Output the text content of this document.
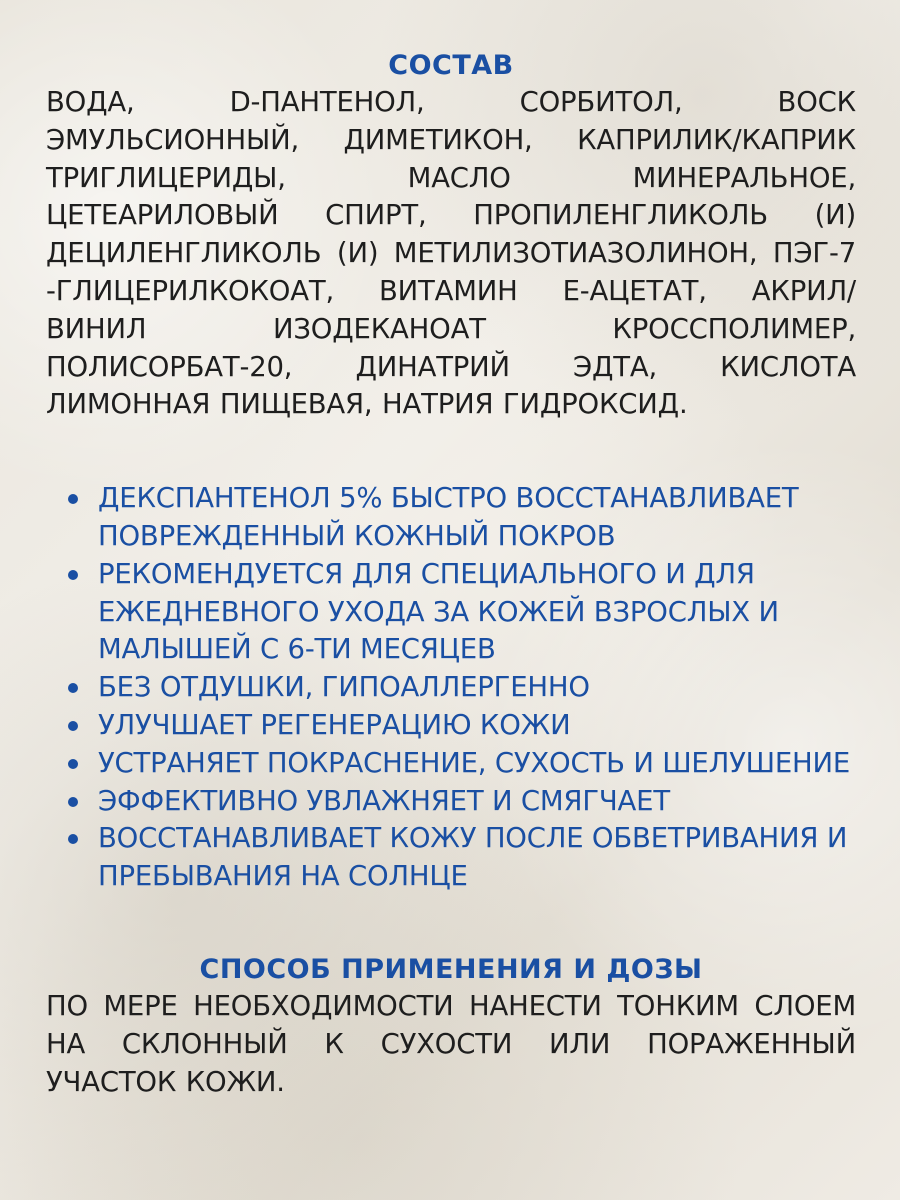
СОСТАВ

ВОДА, D-ПАНТЕНОЛ, СОРБИТОЛ, ВОСК ЭМУЛЬСИОННЫЙ, ДИМЕТИКОН, КАПРИЛИК/КАПРИК ТРИГЛИЦЕРИДЫ, МАСЛО МИНЕРАЛЬНОЕ, ЦЕТЕАРИЛОВЫЙ СПИРТ, ПРОПИЛЕНГЛИКОЛЬ (И) ДЕЦИЛЕНГЛИКОЛЬ (И) МЕТИЛИЗОТИАЗОЛИНОН, ПЭГ-7 -ГЛИЦЕРИЛКОКОАТ, ВИТАМИН Е-АЦЕТАТ, АКРИЛ/ ВИНИЛ ИЗОДЕКАНОАТ КРОССПОЛИМЕР, ПОЛИСОРБАТ-20, ДИНАТРИЙ ЭДТА, КИСЛОТА ЛИМОННАЯ ПИЩЕВАЯ, НАТРИЯ ГИДРОКСИД.

ДЕКСПАНТЕНОЛ 5% БЫСТРО ВОССТАНАВЛИВАЕТ ПОВРЕЖДЕННЫЙ КОЖНЫЙ ПОКРОВ
РЕКОМЕНДУЕТСЯ ДЛЯ СПЕЦИАЛЬНОГО И ДЛЯ ЕЖЕДНЕВНОГО УХОДА ЗА КОЖЕЙ ВЗРОСЛЫХ И МАЛЫШЕЙ С 6-ТИ МЕСЯЦЕВ
БЕЗ ОТДУШКИ, ГИПОАЛЛЕРГЕННО
УЛУЧШАЕТ РЕГЕНЕРАЦИЮ КОЖИ
УСТРАНЯЕТ ПОКРАСНЕНИЕ, СУХОСТЬ И ШЕЛУШЕНИЕ
ЭФФЕКТИВНО УВЛАЖНЯЕТ И СМЯГЧАЕТ
ВОССТАНАВЛИВАЕТ КОЖУ ПОСЛЕ ОБВЕТРИВАНИЯ И ПРЕБЫВАНИЯ НА СОЛНЦЕ
СПОСОБ ПРИМЕНЕНИЯ И ДОЗЫ

ПО МЕРЕ НЕОБХОДИМОСТИ НАНЕСТИ ТОНКИМ СЛОЕМ НА СКЛОННЫЙ К СУХОСТИ ИЛИ ПОРАЖЕННЫЙ УЧАСТОК КОЖИ.
